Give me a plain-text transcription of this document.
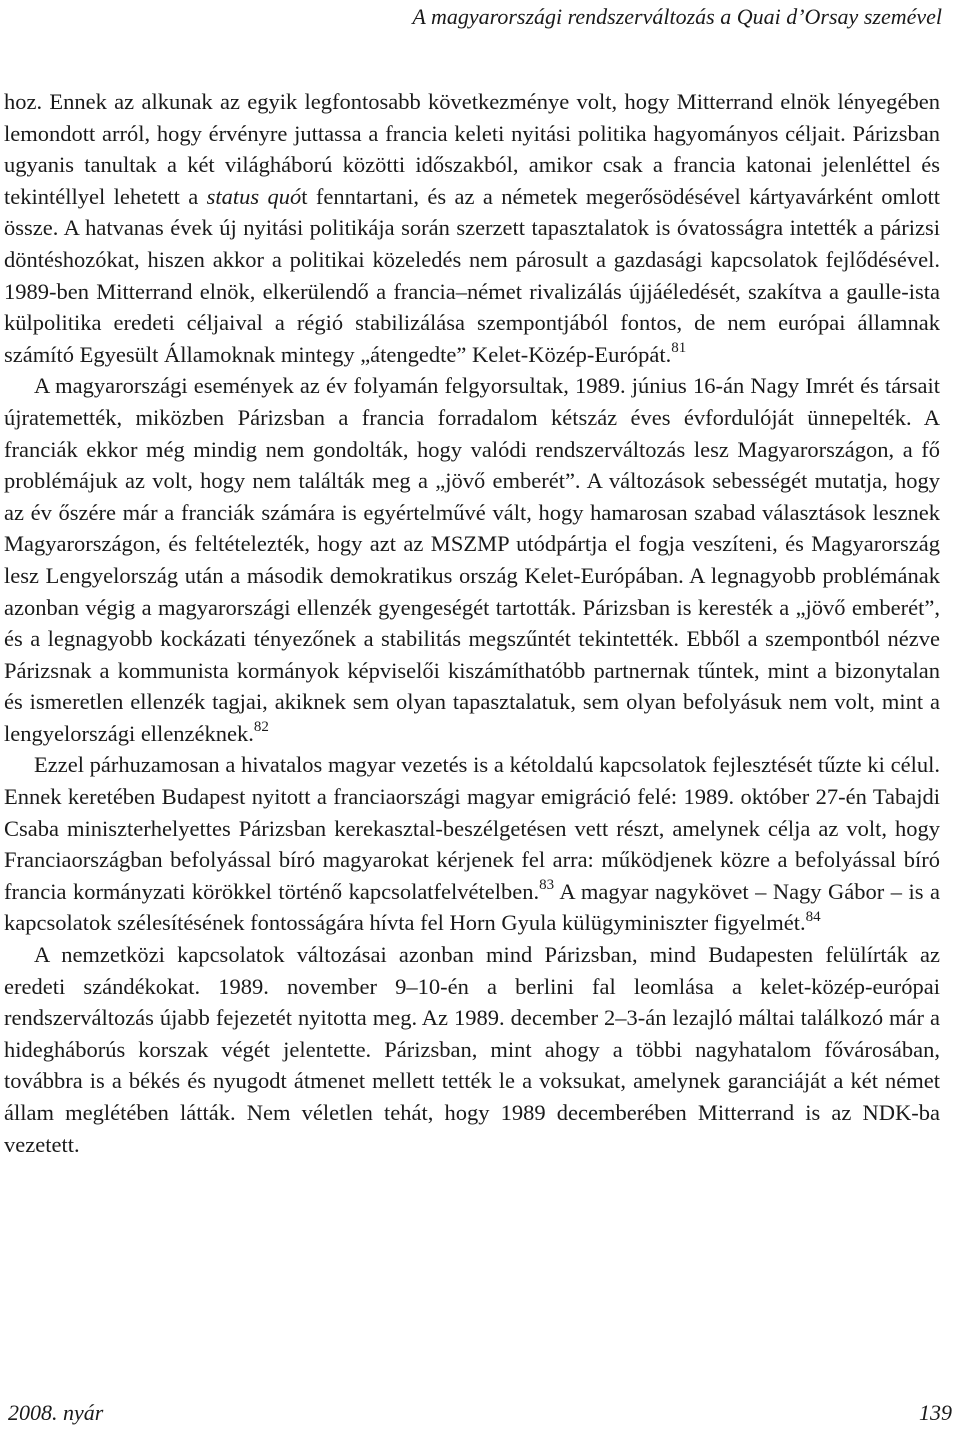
A magyarországi rendszerváltozás a Quai d’Orsay szemével

hoz. Ennek az alkunak az egyik legfontosabb következménye volt, hogy Mitterrand elnök lényegében lemondott arról, hogy érvényre juttassa a francia keleti nyitási politika hagyományos céljait. Párizsban ugyanis tanultak a két világháború közötti időszakból, amikor csak a francia katonai jelenléttel és tekintéllyel lehetett a status quót fenntartani, és az a németek megerősödésével kártyavárként omlott össze. A hatvanas évek új nyitási politikája során szerzett tapasztalatok is óvatosságra intették a párizsi döntéshozókat, hiszen akkor a politikai közeledés nem párosult a gazdasági kapcsolatok fejlődésével. 1989-ben Mitterrand elnök, elkerülendő a francia–német rivalizálás újjáéledését, szakítva a gaulle-ista külpolitika eredeti céljaival a régió stabilizálása szempontjából fontos, de nem európai államnak számító Egyesült Államoknak mintegy „átengedte” Kelet-Közép-Európát.$^{81}$

A magyarországi események az év folyamán felgyorsultak, 1989. június 16-án Nagy Imrét és társait újratemették, miközben Párizsban a francia forradalom kétszáz éves évfordulóját ünnepelték. A franciák ekkor még mindig nem gondolták, hogy valódi rendszerváltozás lesz Magyarországon, a fő problémájuk az volt, hogy nem találták meg a „jövő emberét”. A változások sebességét mutatja, hogy az év őszére már a franciák számára is egyértelművé vált, hogy hamarosan szabad választások lesznek Magyarországon, és feltételezték, hogy azt az MSZMP utódpártja el fogja veszíteni, és Magyarország lesz Lengyelország után a második demokratikus ország Kelet-Európában. A legnagyobb problémának azonban végig a magyarországi ellenzék gyengeségét tartották. Párizsban is keresték a „jövő emberét”, és a legnagyobb kockázati tényezőnek a stabilitás megszűntét tekintették. Ebből a szempontból nézve Párizsnak a kommunista kormányok képviselői kiszámíthatóbb partnernak tűntek, mint a bizonytalan és ismeretlen ellenzék tagjai, akiknek sem olyan tapasztalatuk, sem olyan befolyásuk nem volt, mint a lengyelországi ellenzéknek.$^{82}$

Ezzel párhuzamosan a hivatalos magyar vezetés is a kétoldalú kapcsolatok fejlesztését tűzte ki célul. Ennek keretében Budapest nyitott a franciaországi magyar emigráció felé: 1989. október 27-én Tabajdi Csaba miniszterhelyettes Párizsban kerekasztal-beszélgetésen vett részt, amelynek célja az volt, hogy Franciaországban befolyással bíró magyarokat kérjenek fel arra: működjenek közre a befolyással bíró francia kormányzati körökkel történő kapcsolatfelvételben.$^{83}$ A magyar nagykövet – Nagy Gábor – is a kapcsolatok szélesítésének fontosságára hívta fel Horn Gyula külügyminiszter figyelmét.$^{84}$

A nemzetközi kapcsolatok változásai azonban mind Párizsban, mind Budapesten felülírták az eredeti szándékokat. 1989. november 9–10-én a berlini fal leomlása a kelet-közép-európai rendszerváltozás újabb fejezetét nyitotta meg. Az 1989. december 2–3-án lezajló máltai találkozó már a hidegháborús korszak végét jelentette. Párizsban, mint ahogy a többi nagyhatalom fővárosában, továbbra is a békés és nyugodt átmenet mellett tették le a voksukat, amelynek garanciáját a két német állam meglétében látták. Nem véletlen tehát, hogy 1989 decemberében Mitterrand is az NDK-ba vezetett.

2008. nyár	139
